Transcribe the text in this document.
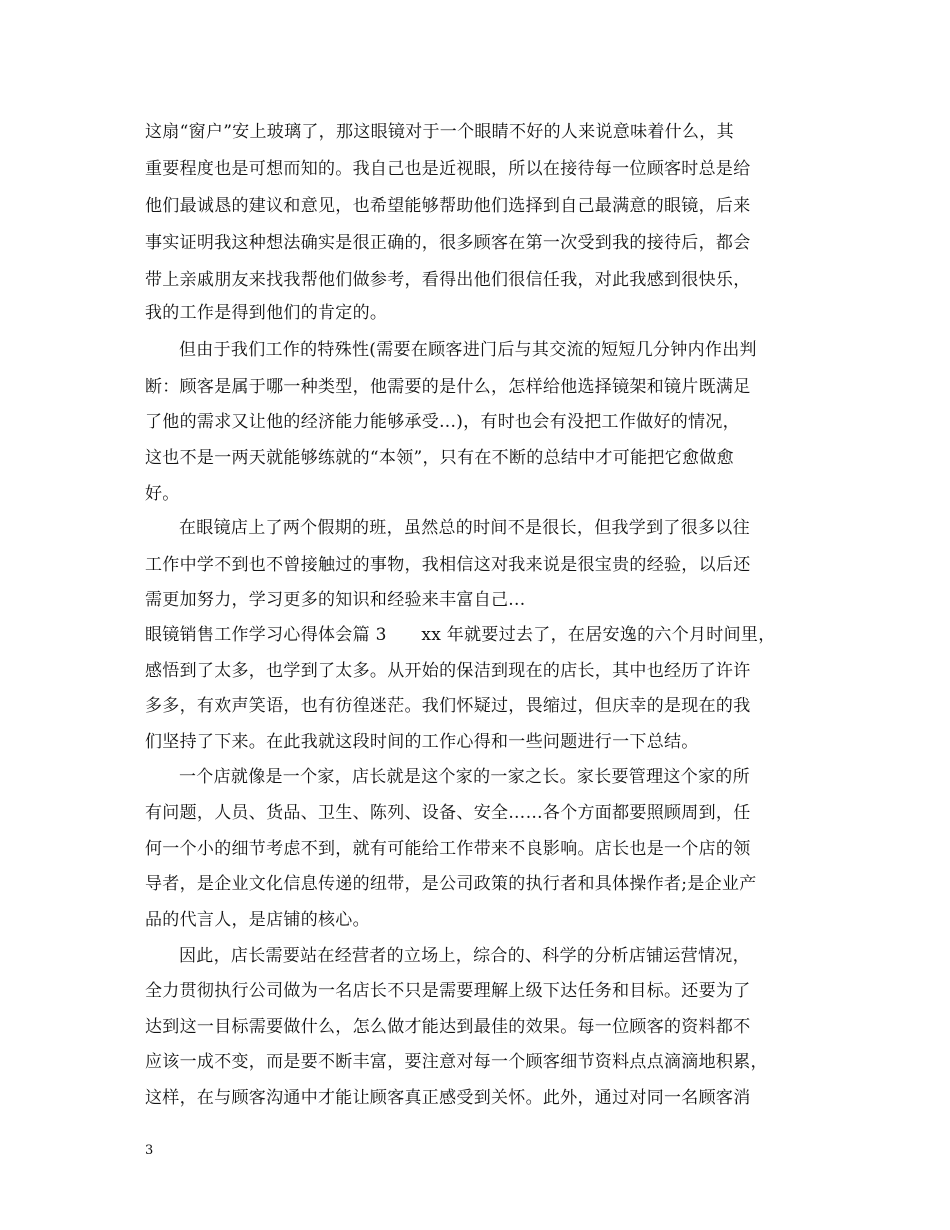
这扇“窗户”安上玻璃了，那这眼镜对于一个眼睛不好的人来说意味着什么，其
重要程度也是可想而知的。我自己也是近视眼，所以在接待每一位顾客时总是给
他们最诚恳的建议和意见，也希望能够帮助他们选择到自己最满意的眼镜，后来
事实证明我这种想法确实是很正确的，很多顾客在第一次受到我的接待后，都会
带上亲戚朋友来找我帮他们做参考，看得出他们很信任我，对此我感到很快乐，
我的工作是得到他们的肯定的。
但由于我们工作的特殊性(需要在顾客进门后与其交流的短短几分钟内作出判
断：顾客是属于哪一种类型，他需要的是什么，怎样给他选择镜架和镜片既满足
了他的需求又让他的经济能力能够承受...)，有时也会有没把工作做好的情况，
这也不是一两天就能够练就的“本领”，只有在不断的总结中才可能把它愈做愈
好。
在眼镜店上了两个假期的班，虽然总的时间不是很长，但我学到了很多以往
工作中学不到也不曾接触过的事物，我相信这对我来说是很宝贵的经验，以后还
需更加努力，学习更多的知识和经验来丰富自己...
眼镜销售工作学习心得体会篇 3　　xx 年就要过去了，在居安逸的六个月时间里，
感悟到了太多，也学到了太多。从开始的保洁到现在的店长，其中也经历了许许
多多，有欢声笑语，也有彷徨迷茫。我们怀疑过，畏缩过，但庆幸的是现在的我
们坚持了下来。在此我就这段时间的工作心得和一些问题进行一下总结。
一个店就像是一个家，店长就是这个家的一家之长。家长要管理这个家的所
有问题，人员、货品、卫生、陈列、设备、安全……各个方面都要照顾周到，任
何一个小的细节考虑不到，就有可能给工作带来不良影响。店长也是一个店的领
导者，是企业文化信息传递的纽带，是公司政策的执行者和具体操作者;是企业产
品的代言人，是店铺的核心。
因此，店长需要站在经营者的立场上，综合的、科学的分析店铺运营情况，
全力贯彻执行公司做为一名店长不只是需要理解上级下达任务和目标。还要为了
达到这一目标需要做什么，怎么做才能达到最佳的效果。每一位顾客的资料都不
应该一成不变，而是要不断丰富，要注意对每一个顾客细节资料点点滴滴地积累，
这样，在与顾客沟通中才能让顾客真正感受到关怀。此外，通过对同一名顾客消
3
